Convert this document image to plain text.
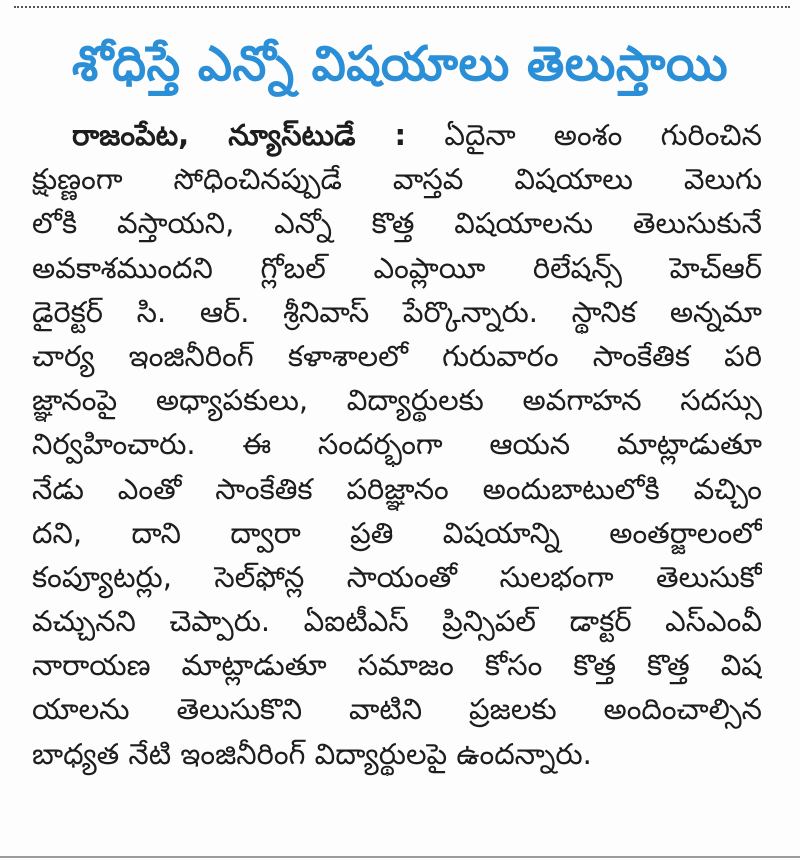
శోధిస్తే ఎన్నో విషయాలు తెలుస్తాయి
రాజంపేట, న్యూస్‌టుడే : ఏదైనా అంశం గురించిన
క్షుణ్ణంగా సోధించినప్పుడే వాస్తవ విషయాలు వెలుగు
లోకి వస్తాయని, ఎన్నో కొత్త విషయాలను తెలుసుకునే
అవకాశముందని గ్లోబల్ ఎంప్లాయీ రిలేషన్స్ హెచ్‌ఆర్
డైరెక్టర్ సి. ఆర్. శ్రీనివాస్ పేర్కొన్నారు. స్థానిక అన్నమా
చార్య ఇంజినీరింగ్ కళాశాలలో గురువారం సాంకేతిక పరి
జ్ఞానంపై అధ్యాపకులు, విద్యార్థులకు అవగాహన సదస్సు
నిర్వహించారు. ఈ సందర్భంగా ఆయన మాట్లాడుతూ
నేడు ఎంతో సాంకేతిక పరిజ్ఞానం అందుబాటులోకి వచ్చిం
దని, దాని ద్వారా ప్రతి విషయాన్ని అంతర్జాలంలో
కంప్యూటర్లు, సెల్‌ఫోన్ల సాయంతో సులభంగా తెలుసుకో
వచ్చునని చెప్పారు. ఏఐటీఎస్ ప్రిన్సిపల్ డాక్టర్ ఎస్‌ఎంవీ
నారాయణ మాట్లాడుతూ సమాజం కోసం కొత్త కొత్త విష
యాలను తెలుసుకొని వాటిని ప్రజలకు అందించాల్సిన
బాధ్యత నేటి ఇంజినీరింగ్ విద్యార్థులపై ఉందన్నారు.
